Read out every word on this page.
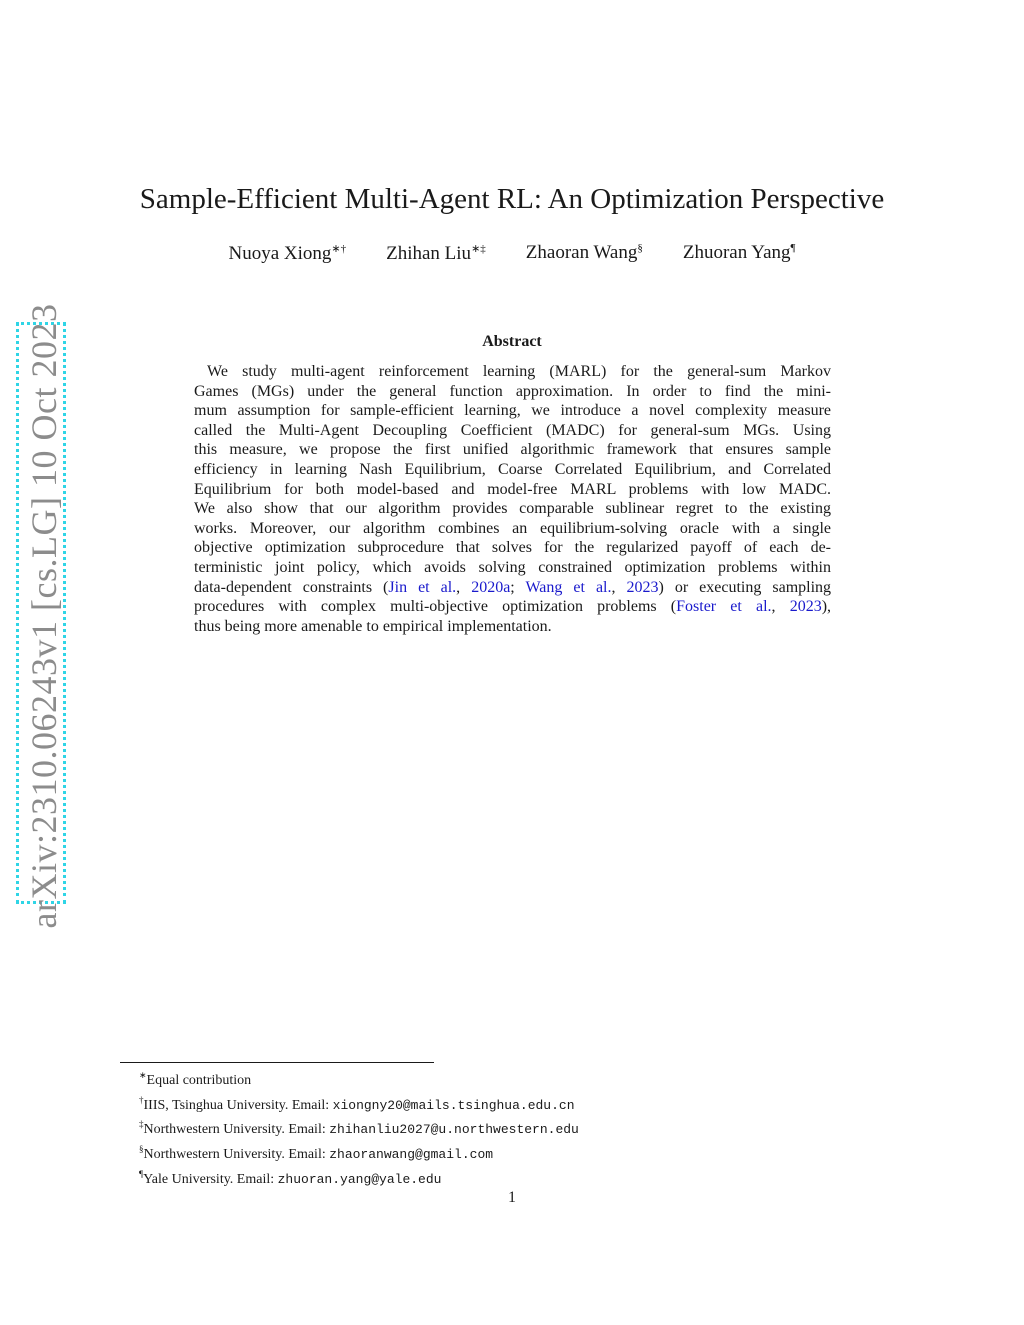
arXiv:2310.06243v1 [cs.LG] 10 Oct 2023
Sample-Efficient Multi-Agent RL: An Optimization Perspective
Nuoya Xiong∗† Zhihan Liu∗‡ Zhaoran Wang§ Zhuoran Yang¶
Abstract
We study multi-agent reinforcement learning (MARL) for the general-sum Markov
Games (MGs) under the general function approximation. In order to find the mini-
mum assumption for sample-efficient learning, we introduce a novel complexity measure
called the Multi-Agent Decoupling Coefficient (MADC) for general-sum MGs. Using
this measure, we propose the first unified algorithmic framework that ensures sample
efficiency in learning Nash Equilibrium, Coarse Correlated Equilibrium, and Correlated
Equilibrium for both model-based and model-free MARL problems with low MADC.
We also show that our algorithm provides comparable sublinear regret to the existing
works. Moreover, our algorithm combines an equilibrium-solving oracle with a single
objective optimization subprocedure that solves for the regularized payoff of each de-
terministic joint policy, which avoids solving constrained optimization problems within
data-dependent constraints (Jin et al., 2020a; Wang et al., 2023) or executing sampling
procedures with complex multi-objective optimization problems (Foster et al., 2023),
thus being more amenable to empirical implementation.
∗Equal contribution
†IIIS, Tsinghua University. Email: xiongny20@mails.tsinghua.edu.cn
‡Northwestern University. Email: zhihanliu2027@u.northwestern.edu
§Northwestern University. Email: zhaoranwang@gmail.com
¶Yale University. Email: zhuoran.yang@yale.edu
1
